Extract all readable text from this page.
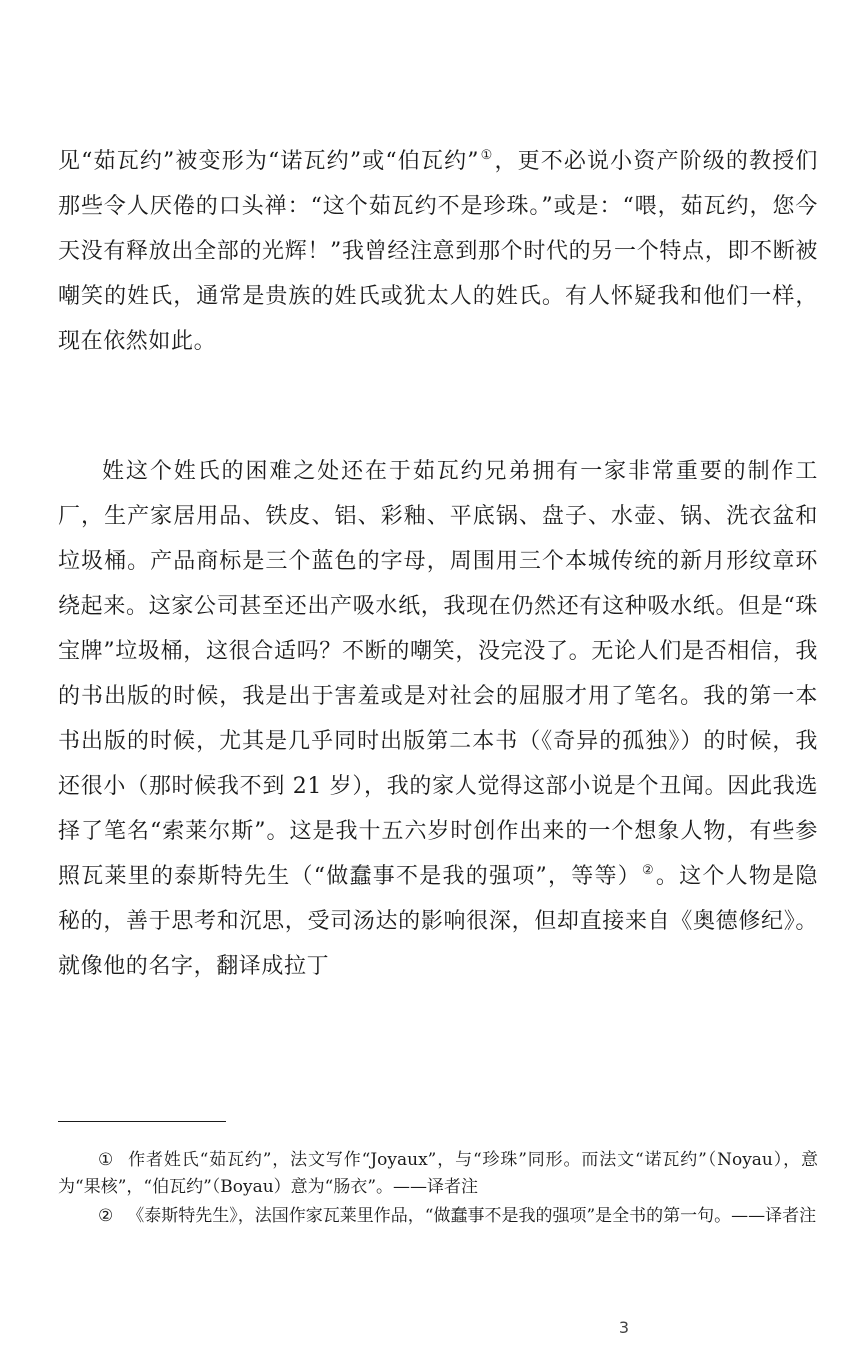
见“茹瓦约”被变形为“诺瓦约”或“伯瓦约”①，更不必说小资产阶级的教授们那些令人厌倦的口头禅：“这个茹瓦约不是珍珠。”或是：“喂，茹瓦约，您今天没有释放出全部的光辉！”我曾经注意到那个时代的另一个特点，即不断被嘲笑的姓氏，通常是贵族的姓氏或犹太人的姓氏。有人怀疑我和他们一样，现在依然如此。

姓这个姓氏的困难之处还在于茹瓦约兄弟拥有一家非常重要的制作工厂，生产家居用品、铁皮、铝、彩釉、平底锅、盘子、水壶、锅、洗衣盆和垃圾桶。产品商标是三个蓝色的字母，周围用三个本城传统的新月形纹章环绕起来。这家公司甚至还出产吸水纸，我现在仍然还有这种吸水纸。但是“珠宝牌”垃圾桶，这很合适吗？不断的嘲笑，没完没了。无论人们是否相信，我的书出版的时候，我是出于害羞或是对社会的屈服才用了笔名。我的第一本书出版的时候，尤其是几乎同时出版第二本书（《奇异的孤独》）的时候，我还很小（那时候我不到 21 岁），我的家人觉得这部小说是个丑闻。因此我选择了笔名“索莱尔斯”。这是我十五六岁时创作出来的一个想象人物，有些参照瓦莱里的泰斯特先生（“做蠢事不是我的强项”，等等）②。这个人物是隐秘的，善于思考和沉思，受司汤达的影响很深，但却直接来自《奥德修纪》。就像他的名字，翻译成拉丁

① 作者姓氏“茹瓦约”，法文写作“Joyaux”，与“珍珠”同形。而法文“诺瓦约”（Noyau），意为“果核”，“伯瓦约”（Boyau）意为“肠衣”。——译者注

② 《泰斯特先生》，法国作家瓦莱里作品，“做蠢事不是我的强项”是全书的第一句。——译者注

3
